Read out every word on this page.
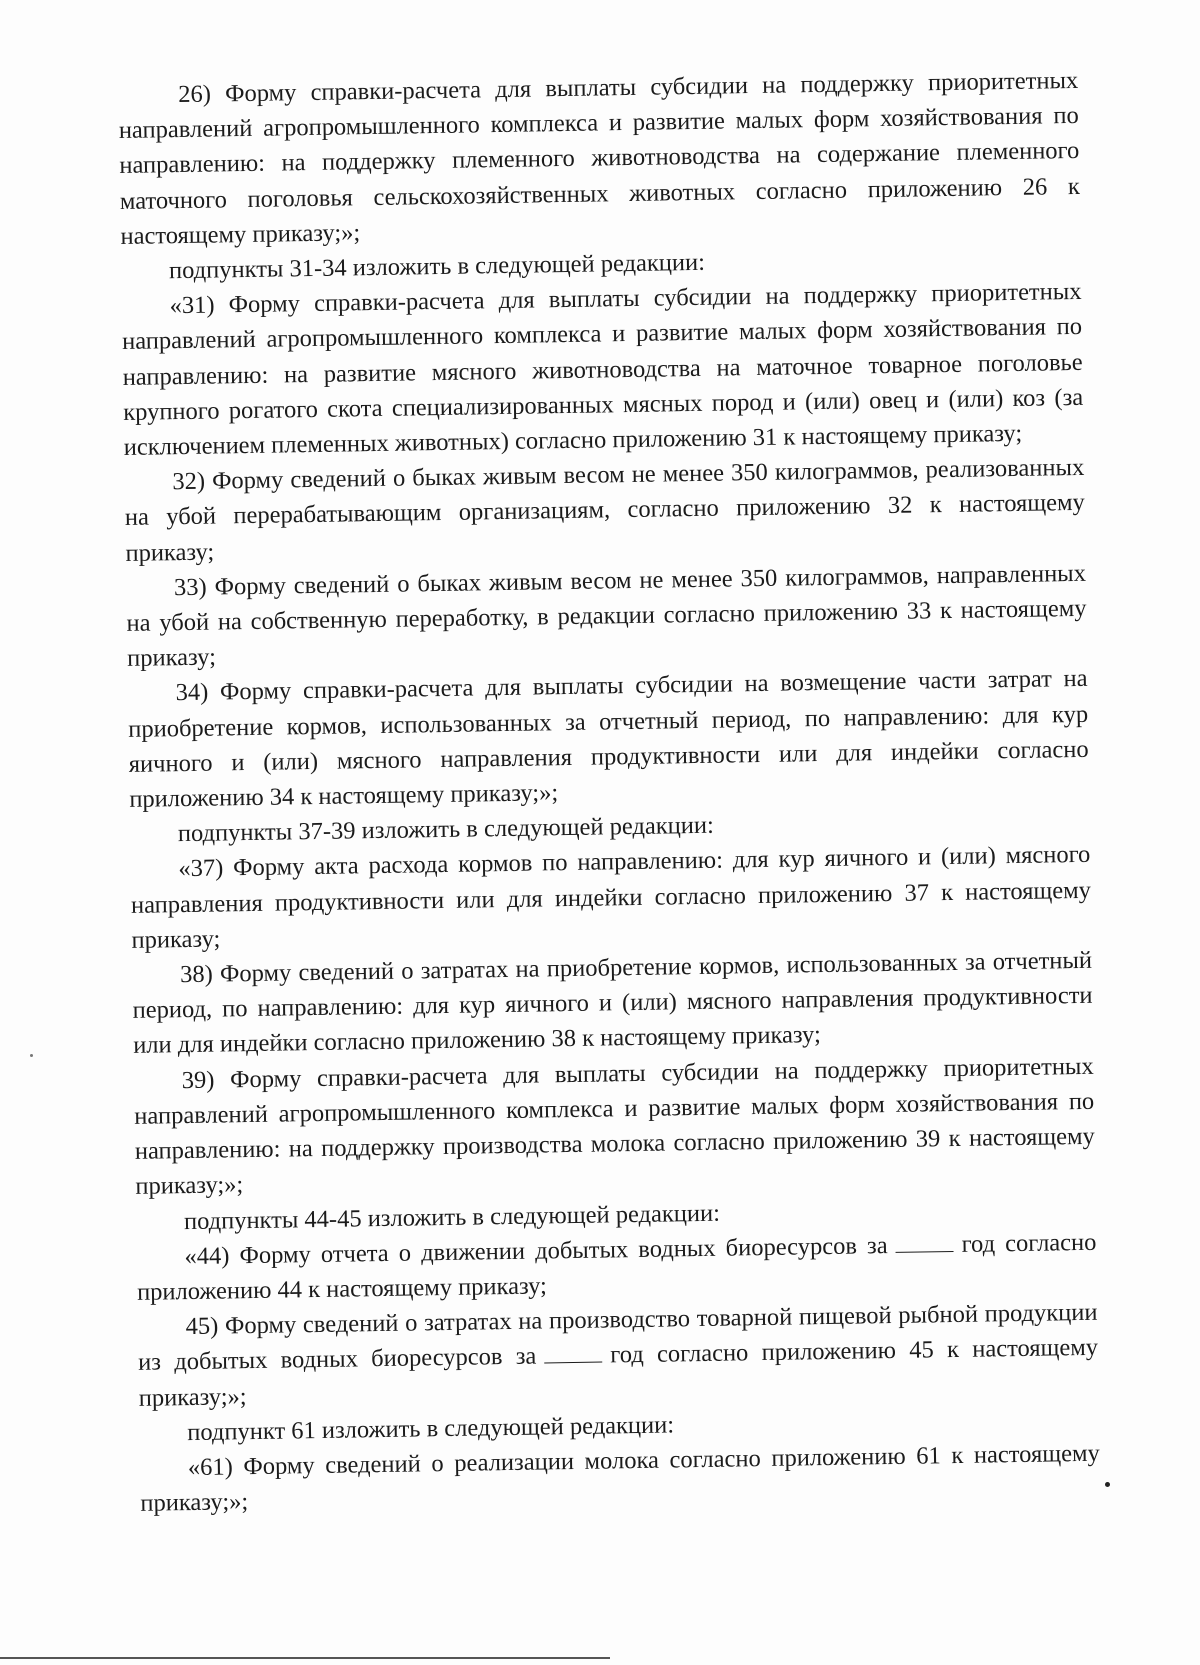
26) Форму справки-расчета для выплаты субсидии на поддержку приоритетных направлений агропромышленного комплекса и развитие малых форм хозяйствования по направлению: на поддержку племенного животноводства на содержание племенного маточного поголовья сельскохозяйственных животных согласно приложению 26 к настоящему приказу;»;

подпункты 31-34 изложить в следующей редакции:

«31) Форму справки-расчета для выплаты субсидии на поддержку приоритетных направлений агропромышленного комплекса и развитие малых форм хозяйствования по направлению: на развитие мясного животноводства на маточное товарное поголовье крупного рогатого скота специализированных мясных пород и (или) овец и (или) коз (за исключением племенных животных) согласно приложению 31 к настоящему приказу;

32) Форму сведений о быках живым весом не менее 350 килограммов, реализованных на убой перерабатывающим организациям, согласно приложению 32 к настоящему приказу;

33) Форму сведений о быках живым весом не менее 350 килограммов, направленных на убой на собственную переработку, в редакции согласно приложению 33 к настоящему приказу;

34) Форму справки-расчета для выплаты субсидии на возмещение части затрат на приобретение кормов, использованных за отчетный период, по направлению: для кур яичного и (или) мясного направления продуктивности или для индейки согласно приложению 34 к настоящему приказу;»;

подпункты 37-39 изложить в следующей редакции:

«37) Форму акта расхода кормов по направлению: для кур яичного и (или) мясного направления продуктивности или для индейки согласно приложению 37 к настоящему приказу;

38) Форму сведений о затратах на приобретение кормов, использованных за отчетный период, по направлению: для кур яичного и (или) мясного направления продуктивности или для индейки согласно приложению 38 к настоящему приказу;

39) Форму справки-расчета для выплаты субсидии на поддержку приоритетных направлений агропромышленного комплекса и развитие малых форм хозяйствования по направлению: на поддержку производства молока согласно приложению 39 к настоящему приказу;»;

подпункты 44-45 изложить в следующей редакции:

«44) Форму отчета о движении добытых водных биоресурсов за	год согласно приложению 44 к настоящему приказу;

45) Форму сведений о затратах на производство товарной пищевой рыбной продукции из добытых водных биоресурсов за	год согласно приложению 45 к настоящему приказу;»;

подпункт 61 изложить в следующей редакции:

«61) Форму сведений о реализации молока согласно приложению 61 к настоящему приказу;»;
